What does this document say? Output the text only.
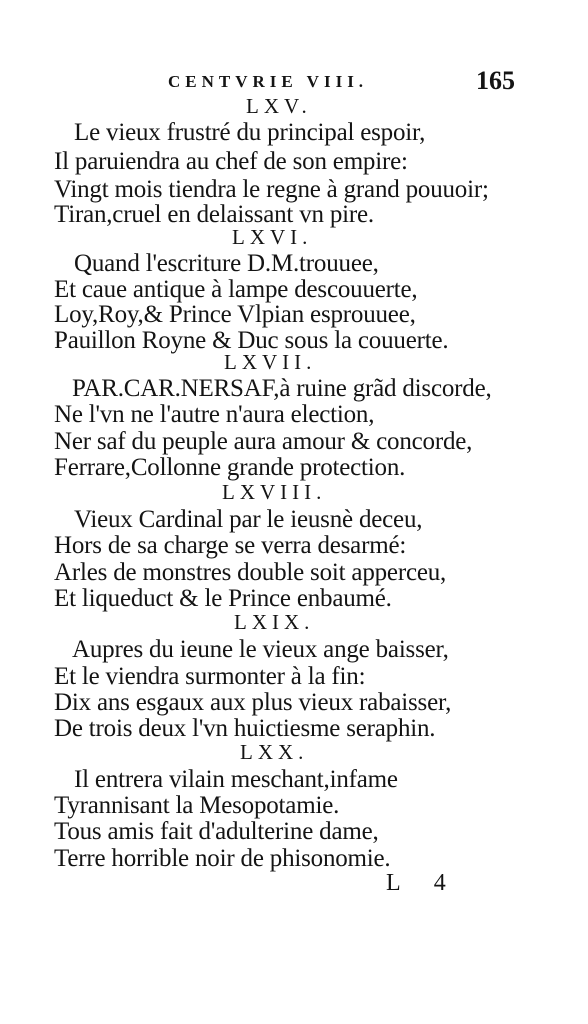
CENTVRIE VIII.	165
LXV.
Le vieux frustré du principal espoir,
Il paruiendra au chef de son empire:
Vingt mois tiendra le regne à grand pouuoir;
Tiran,cruel en delaissant vn pire.
LXVI.
Quand l'escriture D.M.trouuee,
Et caue antique à lampe descouuerte,
Loy,Roy,& Prince Vlpian esprouuee,
Pauillon Royne & Duc sous la couuerte.
LXVII.
PAR.CAR.NERSAF,à ruine grãd discorde,
Ne l'vn ne l'autre n'aura election,
Ner saf du peuple aura amour & concorde,
Ferrare,Collonne grande protection.
LXVIII.
Vieux Cardinal par le ieusnè deceu,
Hors de sa charge se verra desarmé:
Arles de monstres double soit apperceu,
Et liqueduct & le Prince enbaumé.
LXIX.
Aupres du ieune le vieux ange baisser,
Et le viendra surmonter à la fin:
Dix ans esgaux aux plus vieux rabaisser,
De trois deux l'vn huictiesme seraphin.
LXX.
Il entrera vilain meschant,infame
Tyrannisant la Mesopotamie.
Tous amis fait d'adulterine dame,
Terre horrible noir de phisonomie.
L 4
